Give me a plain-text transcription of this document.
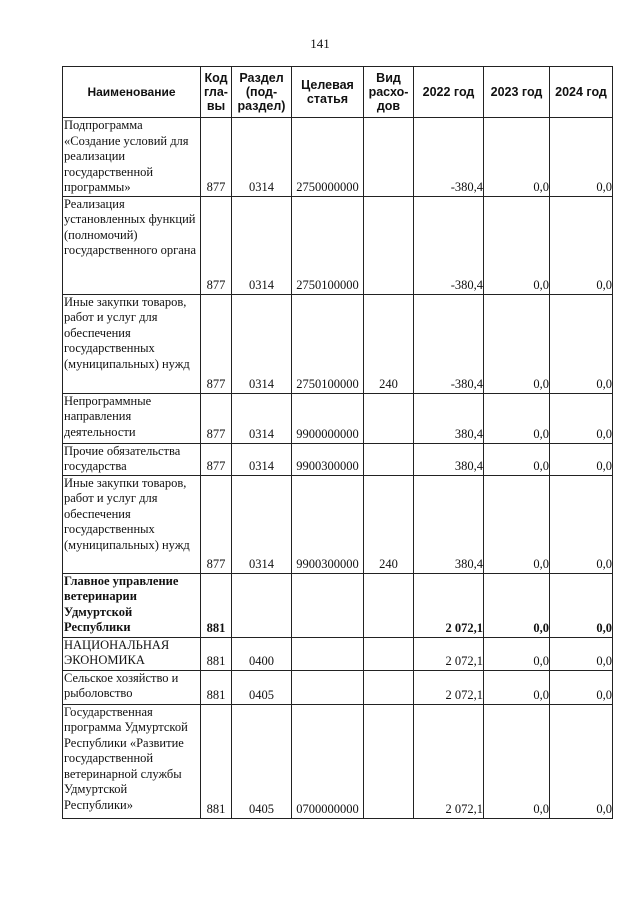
141
Наименование	Код гла-вы	Раздел (под-раздел)	Целевая статья	Вид расхо-дов	2022 год	2023 год	2024 год
Подпрограмма «Создание условий для реализации государственной программы»	877	0314	2750000000		-380,4	0,0	0,0
Реализация установленных функций (полномочий) государственного органа	877	0314	2750100000		-380,4	0,0	0,0
Иные закупки товаров, работ и услуг для обеспечения государственных (муниципальных) нужд	877	0314	2750100000	240	-380,4	0,0	0,0
Непрограммные направления деятельности	877	0314	9900000000		380,4	0,0	0,0
Прочие обязательства государства	877	0314	9900300000		380,4	0,0	0,0
Иные закупки товаров, работ и услуг для обеспечения государственных (муниципальных) нужд	877	0314	9900300000	240	380,4	0,0	0,0
Главное управление ветеринарии Удмуртской Республики	881				2 072,1	0,0	0,0
НАЦИОНАЛЬНАЯ ЭКОНОМИКА	881	0400			2 072,1	0,0	0,0
Сельское хозяйство и рыболовство	881	0405			2 072,1	0,0	0,0
Государственная программа Удмуртской Республики «Развитие государственной ветеринарной службы Удмуртской Республики»	881	0405	0700000000		2 072,1	0,0	0,0
